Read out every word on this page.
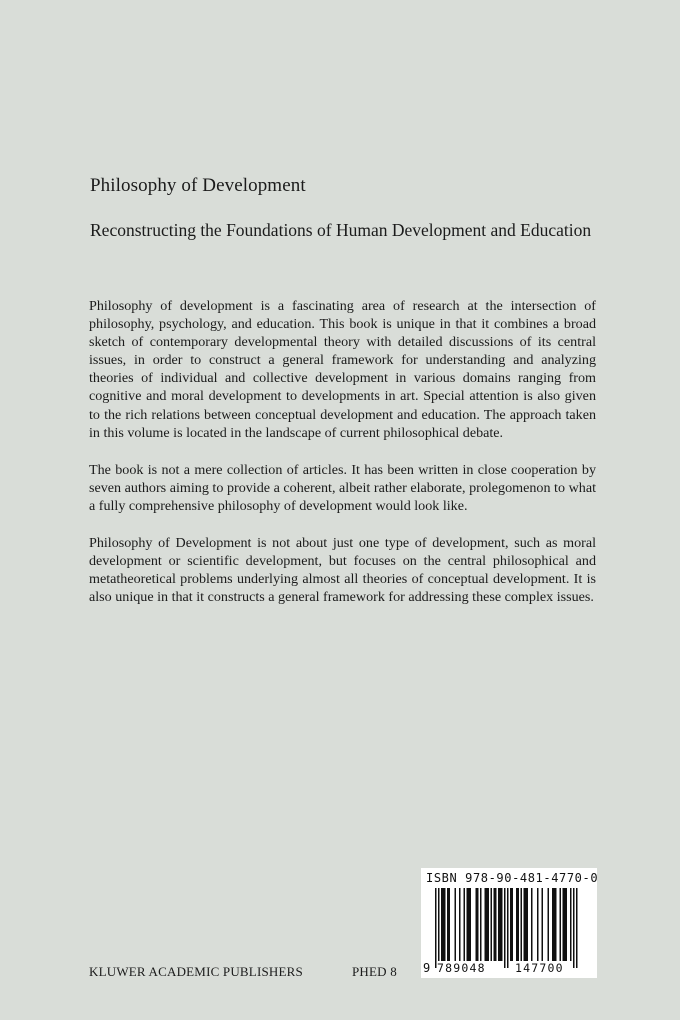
Philosophy of Development
Reconstructing the Foundations of Human Development and Education

Philosophy of development is a fascinating area of research at the intersection of philosophy, psychology, and education. This book is unique in that it combines a broad sketch of contemporary developmental theory with detailed discussions of its central issues, in order to construct a general framework for understanding and analyzing theories of individual and collective development in various domains ranging from cognitive and moral development to developments in art. Special attention is also given to the rich relations between conceptual development and education. The approach taken in this volume is located in the landscape of current philosophical debate.

The book is not a mere collection of articles. It has been written in close cooperation by seven authors aiming to provide a coherent, albeit rather elaborate, prolegomenon to what a fully comprehensive philosophy of development would look like.

Philosophy of Development is not about just one type of development, such as moral development or scientific development, but focuses on the central philosophical and metatheoretical problems underlying almost all theories of conceptual development. It is also unique in that it constructs a general framework for addressing these complex issues.

KLUWER ACADEMIC PUBLISHERS	PHED 8
ISBN 978-90-481-4770-0
9 789048	147700
